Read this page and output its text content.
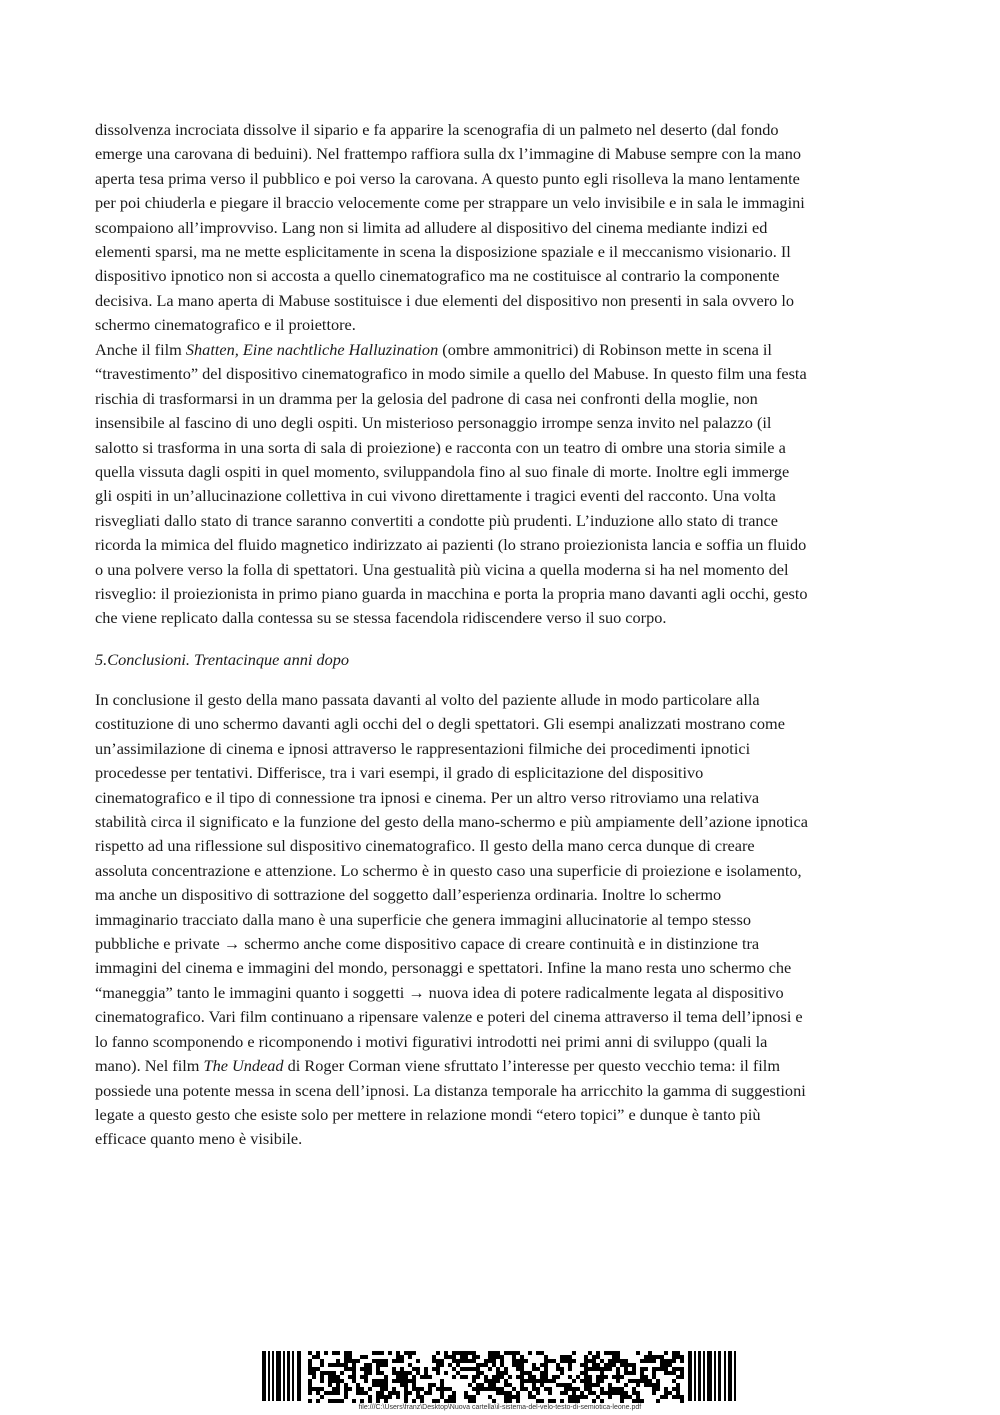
dissolvenza incrociata dissolve il sipario e fa apparire la scenografia di un palmeto nel deserto (dal fondo
emerge una carovana di beduini). Nel frattempo raffiora sulla dx l’immagine di Mabuse sempre con la mano
aperta tesa prima verso il pubblico e poi verso la carovana. A questo punto egli risolleva la mano lentamente
per poi chiuderla e piegare il braccio velocemente come per strappare un velo invisibile e in sala le immagini
scompaiono all’improvviso. Lang non si limita ad alludere al dispositivo del cinema mediante indizi ed
elementi sparsi, ma ne mette esplicitamente in scena la disposizione spaziale e il meccanismo visionario. Il
dispositivo ipnotico non si accosta a quello cinematografico ma ne costituisce al contrario la componente
decisiva. La mano aperta di Mabuse sostituisce i due elementi del dispositivo non presenti in sala ovvero lo
schermo cinematografico e il proiettore.
Anche il film Shatten, Eine nachtliche Halluzination (ombre ammonitrici) di Robinson mette in scena il
“travestimento” del dispositivo cinematografico in modo simile a quello del Mabuse. In questo film una festa
rischia di trasformarsi in un dramma per la gelosia del padrone di casa nei confronti della moglie, non
insensibile al fascino di uno degli ospiti. Un misterioso personaggio irrompe senza invito nel palazzo (il
salotto si trasforma in una sorta di sala di proiezione) e racconta con un teatro di ombre una storia simile a
quella vissuta dagli ospiti in quel momento, sviluppandola fino al suo finale di morte. Inoltre egli immerge
gli ospiti in un’allucinazione collettiva in cui vivono direttamente i tragici eventi del racconto. Una volta
risvegliati dallo stato di trance saranno convertiti a condotte più prudenti. L’induzione allo stato di trance
ricorda la mimica del fluido magnetico indirizzato ai pazienti (lo strano proiezionista lancia e soffia un fluido
o una polvere verso la folla di spettatori. Una gestualità più vicina a quella moderna si ha nel momento del
risveglio: il proiezionista in primo piano guarda in macchina e porta la propria mano davanti agli occhi, gesto
che viene replicato dalla contessa su se stessa facendola ridiscendere verso il suo corpo.
5.Conclusioni. Trentacinque anni dopo
In conclusione il gesto della mano passata davanti al volto del paziente allude in modo particolare alla
costituzione di uno schermo davanti agli occhi del o degli spettatori. Gli esempi analizzati mostrano come
un’assimilazione di cinema e ipnosi attraverso le rappresentazioni filmiche dei procedimenti ipnotici
procedesse per tentativi. Differisce, tra i vari esempi, il grado di esplicitazione del dispositivo
cinematografico e il tipo di connessione tra ipnosi e cinema. Per un altro verso ritroviamo una relativa
stabilità circa il significato e la funzione del gesto della mano-schermo e più ampiamente dell’azione ipnotica
rispetto ad una riflessione sul dispositivo cinematografico. Il gesto della mano cerca dunque di creare
assoluta concentrazione e attenzione. Lo schermo è in questo caso una superficie di proiezione e isolamento,
ma anche un dispositivo di sottrazione del soggetto dall’esperienza ordinaria. Inoltre lo schermo
immaginario tracciato dalla mano è una superficie che genera immagini allucinatorie al tempo stesso
pubbliche e private → schermo anche come dispositivo capace di creare continuità e in distinzione tra
immagini del cinema e immagini del mondo, personaggi e spettatori. Infine la mano resta uno schermo che
“maneggia” tanto le immagini quanto i soggetti → nuova idea di potere radicalmente legata al dispositivo
cinematografico. Vari film continuano a ripensare valenze e poteri del cinema attraverso il tema dell’ipnosi e
lo fanno scomponendo e ricomponendo i motivi figurativi introdotti nei primi anni di sviluppo (quali la
mano). Nel film The Undead di Roger Corman viene sfruttato l’interesse per questo vecchio tema: il film
possiede una potente messa in scena dell’ipnosi. La distanza temporale ha arricchito la gamma di suggestioni
legate a questo gesto che esiste solo per mettere in relazione mondi “etero topici” e dunque è tanto più
efficace quanto meno è visibile.
file:///C:\Users\franz\Desktop\Nuova cartella\il-sistema-del-velo-testo-di-semiotica-leone.pdf
